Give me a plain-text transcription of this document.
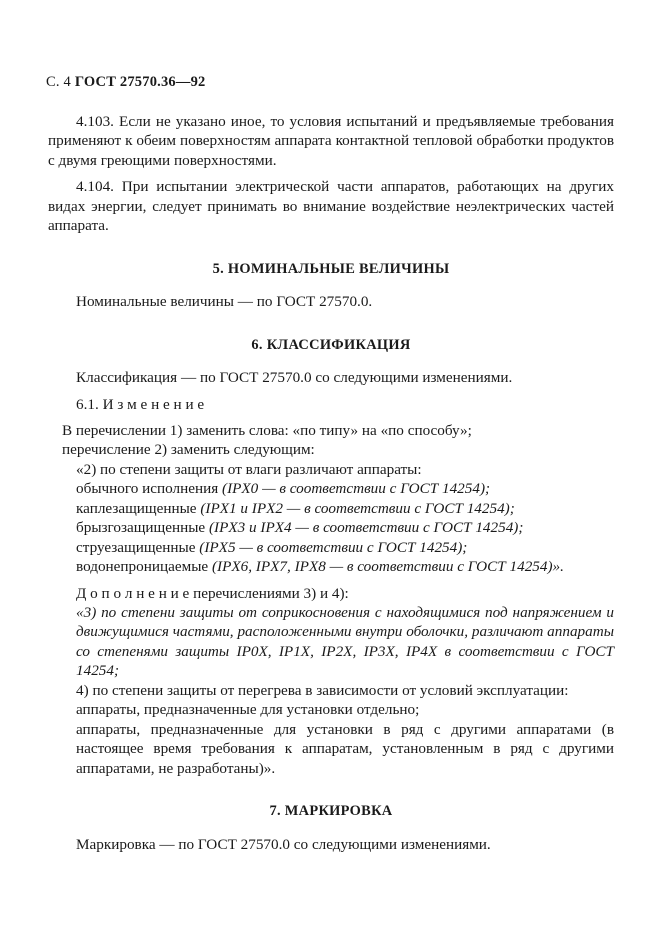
С. 4 ГОСТ 27570.36—92

4.103. Если не указано иное, то условия испытаний и предъявляемые требования применяют к обеим поверхностям аппарата контактной тепловой обработки продуктов с двумя греющими поверхностями.

4.104. При испытании электрической части аппаратов, работающих на других видах энергии, следует принимать во внимание воздействие неэлектрических частей аппарата.

5. НОМИНАЛЬНЫЕ ВЕЛИЧИНЫ

Номинальные величины — по ГОСТ 27570.0.

6. КЛАССИФИКАЦИЯ

Классификация — по ГОСТ 27570.0 со следующими изменениями.

6.1. И з м е н е н и е

В перечислении 1) заменить слова: «по типу» на «по способу»;

перечисление 2) заменить следующим:

«2) по степени защиты от влаги различают аппараты:

обычного исполнения (IPX0 — в соответствии с ГОСТ 14254);

каплезащищенные (IPX1 и IPX2 — в соответствии с ГОСТ 14254);

брызгозащищенные (IPX3 и IPX4 — в соответствии с ГОСТ 14254);

струезащищенные (IPX5 — в соответствии с ГОСТ 14254);

водонепроницаемые (IPX6, IPX7, IPX8 — в соответствии с ГОСТ 14254)».

Д о п о л н е н и е перечислениями 3) и 4):

«3) по степени защиты от соприкосновения с находящимися под напряжением и движущимися частями, расположенными внутри оболочки, различают аппараты со степенями защиты IP0X, IP1X, IP2X, IP3X, IP4X в соответствии с ГОСТ 14254;

4) по степени защиты от перегрева в зависимости от условий эксплуатации:

аппараты, предназначенные для установки отдельно;

аппараты, предназначенные для установки в ряд с другими аппаратами (в настоящее время требования к аппаратам, установленным в ряд с другими аппаратами, не разработаны)».

7. МАРКИРОВКА

Маркировка — по ГОСТ 27570.0 со следующими изменениями.
